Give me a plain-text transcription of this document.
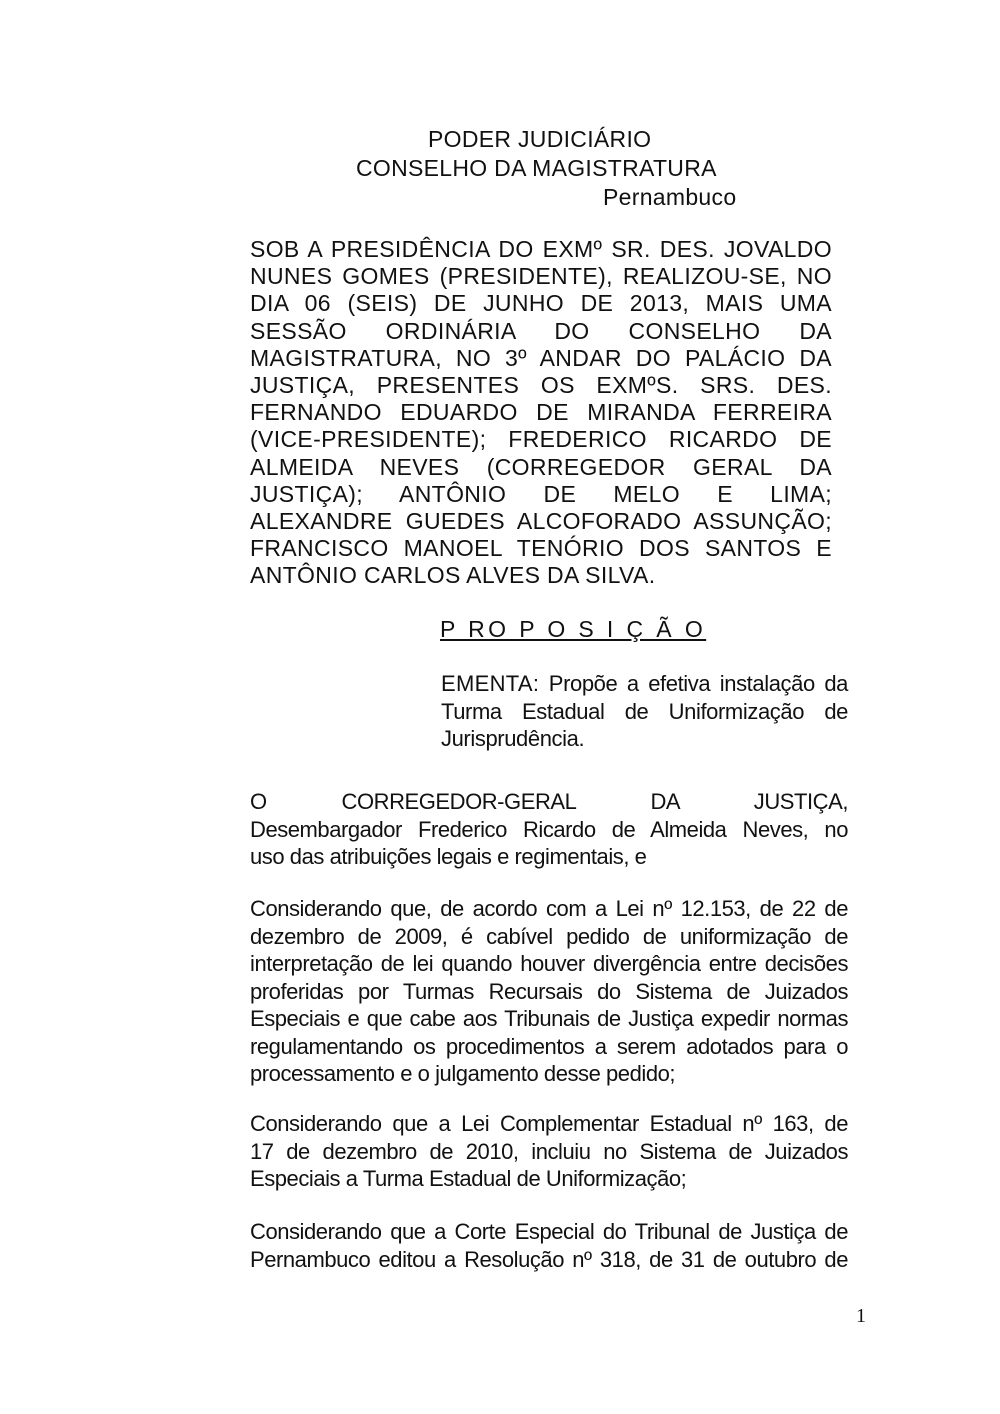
PODER JUDICIÁRIO
CONSELHO DA MAGISTRATURA
Pernambuco
SOB A PRESIDÊNCIA DO EXMº SR. DES. JOVALDO
NUNES GOMES (PRESIDENTE), REALIZOU-SE, NO
DIA 06 (SEIS) DE JUNHO DE 2013, MAIS UMA
SESSÃO ORDINÁRIA DO CONSELHO DA
MAGISTRATURA, NO 3º ANDAR DO PALÁCIO DA
JUSTIÇA, PRESENTES OS EXMºS. SRS. DES.
FERNANDO EDUARDO DE MIRANDA FERREIRA
(VICE-PRESIDENTE); FREDERICO RICARDO DE
ALMEIDA NEVES (CORREGEDOR GERAL DA
JUSTIÇA); ANTÔNIO DE MELO E LIMA;
ALEXANDRE GUEDES ALCOFORADO ASSUNÇÃO;
FRANCISCO MANOEL TENÓRIO DOS SANTOS E
ANTÔNIO CARLOS ALVES DA SILVA.
P RO P O S I Ç Ã O
EMENTA: Propõe a efetiva instalação da
Turma Estadual de Uniformização de
Jurisprudência.
O CORREGEDOR-GERAL DA JUSTIÇA,
Desembargador Frederico Ricardo de Almeida Neves, no
uso das atribuições legais e regimentais, e
Considerando que, de acordo com a Lei nº 12.153, de 22 de
dezembro de 2009, é cabível pedido de uniformização de
interpretação de lei quando houver divergência entre decisões
proferidas por Turmas Recursais do Sistema de Juizados
Especiais e que cabe aos Tribunais de Justiça expedir normas
regulamentando os procedimentos a serem adotados para o
processamento e o julgamento desse pedido;
Considerando que a Lei Complementar Estadual nº 163, de
17 de dezembro de 2010, incluiu no Sistema de Juizados
Especiais a Turma Estadual de Uniformização;
Considerando que a Corte Especial do Tribunal de Justiça de
Pernambuco editou a Resolução nº 318, de 31 de outubro de
1
